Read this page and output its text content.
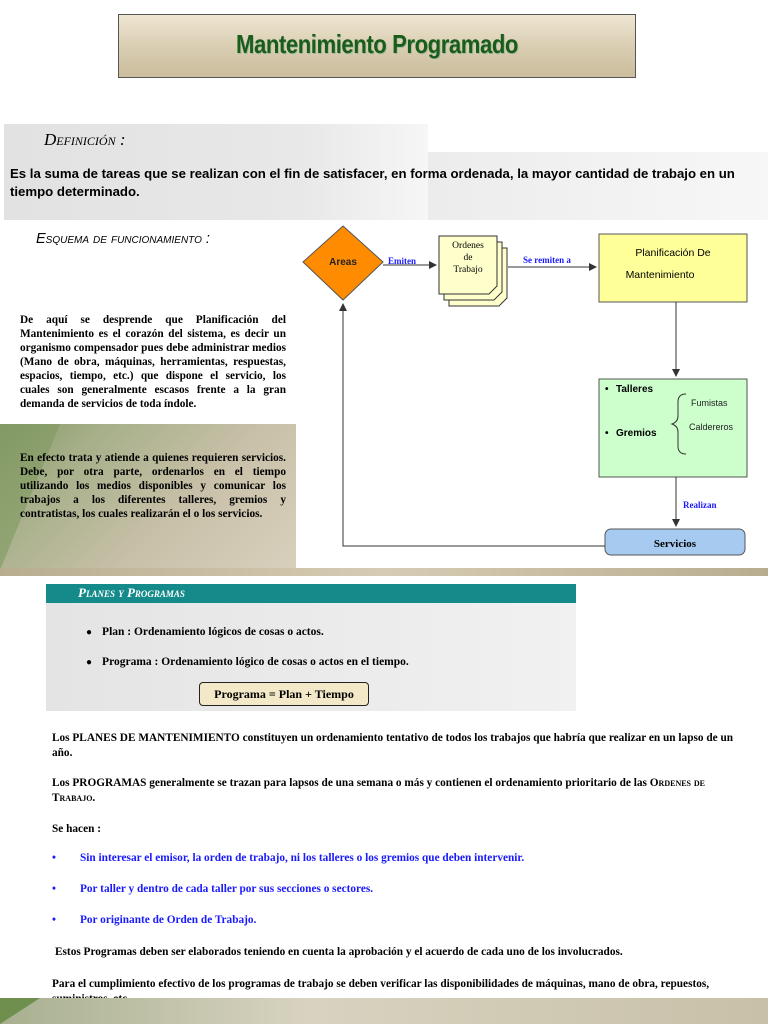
Mantenimiento Programado
Definición :
Es la suma de tareas que se realizan con el fin de satisfacer, en forma ordenada, la mayor cantidad de trabajo en un tiempo determinado.
Esquema de funcionamiento :
De aquí se desprende que Planificación del Mantenimiento es el corazón del sistema, es decir un organismo compensador pues debe administrar medios (Mano de obra, máquinas, herramientas, respuestas, espacios, tiempo, etc.) que dispone el servicio, los cuales son generalmente escasos frente a la gran demanda de servicios de toda índole.
En efecto trata y atiende a quienes requieren servicios. Debe, por otra parte, ordenarlos en el tiempo utilizando los medios disponibles y comunicar los trabajos a los diferentes talleres, gremios y contratistas, los cuales realizarán el o los servicios.
Areas	Emiten
Ordenes
de
Trabajo
Se remiten a
Planificación De
Mantenimiento
• Talleres
• Gremios
Fumistas
Caldereros
Realizan
Servicios
Planes y Programas
● Plan : Ordenamiento lógicos de cosas o actos.
● Programa : Ordenamiento lógico de cosas o actos en el tiempo.
Programa = Plan + Tiempo
Los PLANES DE MANTENIMIENTO constituyen un ordenamiento tentativo de todos los trabajos que habría que realizar en un lapso de un año.
Los PROGRAMAS generalmente se trazan para lapsos de una semana o más y contienen el ordenamiento prioritario de las Ordenes de Trabajo.
Se hacen :
• Sin interesar el emisor, la orden de trabajo, ni los talleres o los gremios que deben intervenir.
• Por taller y dentro de cada taller por sus secciones o sectores.
• Por originante de Orden de Trabajo.
Estos Programas deben ser elaborados teniendo en cuenta la aprobación y el acuerdo de cada uno de los involucrados.
Para el cumplimiento efectivo de los programas de trabajo se deben verificar las disponibilidades de máquinas, mano de obra, repuestos,
